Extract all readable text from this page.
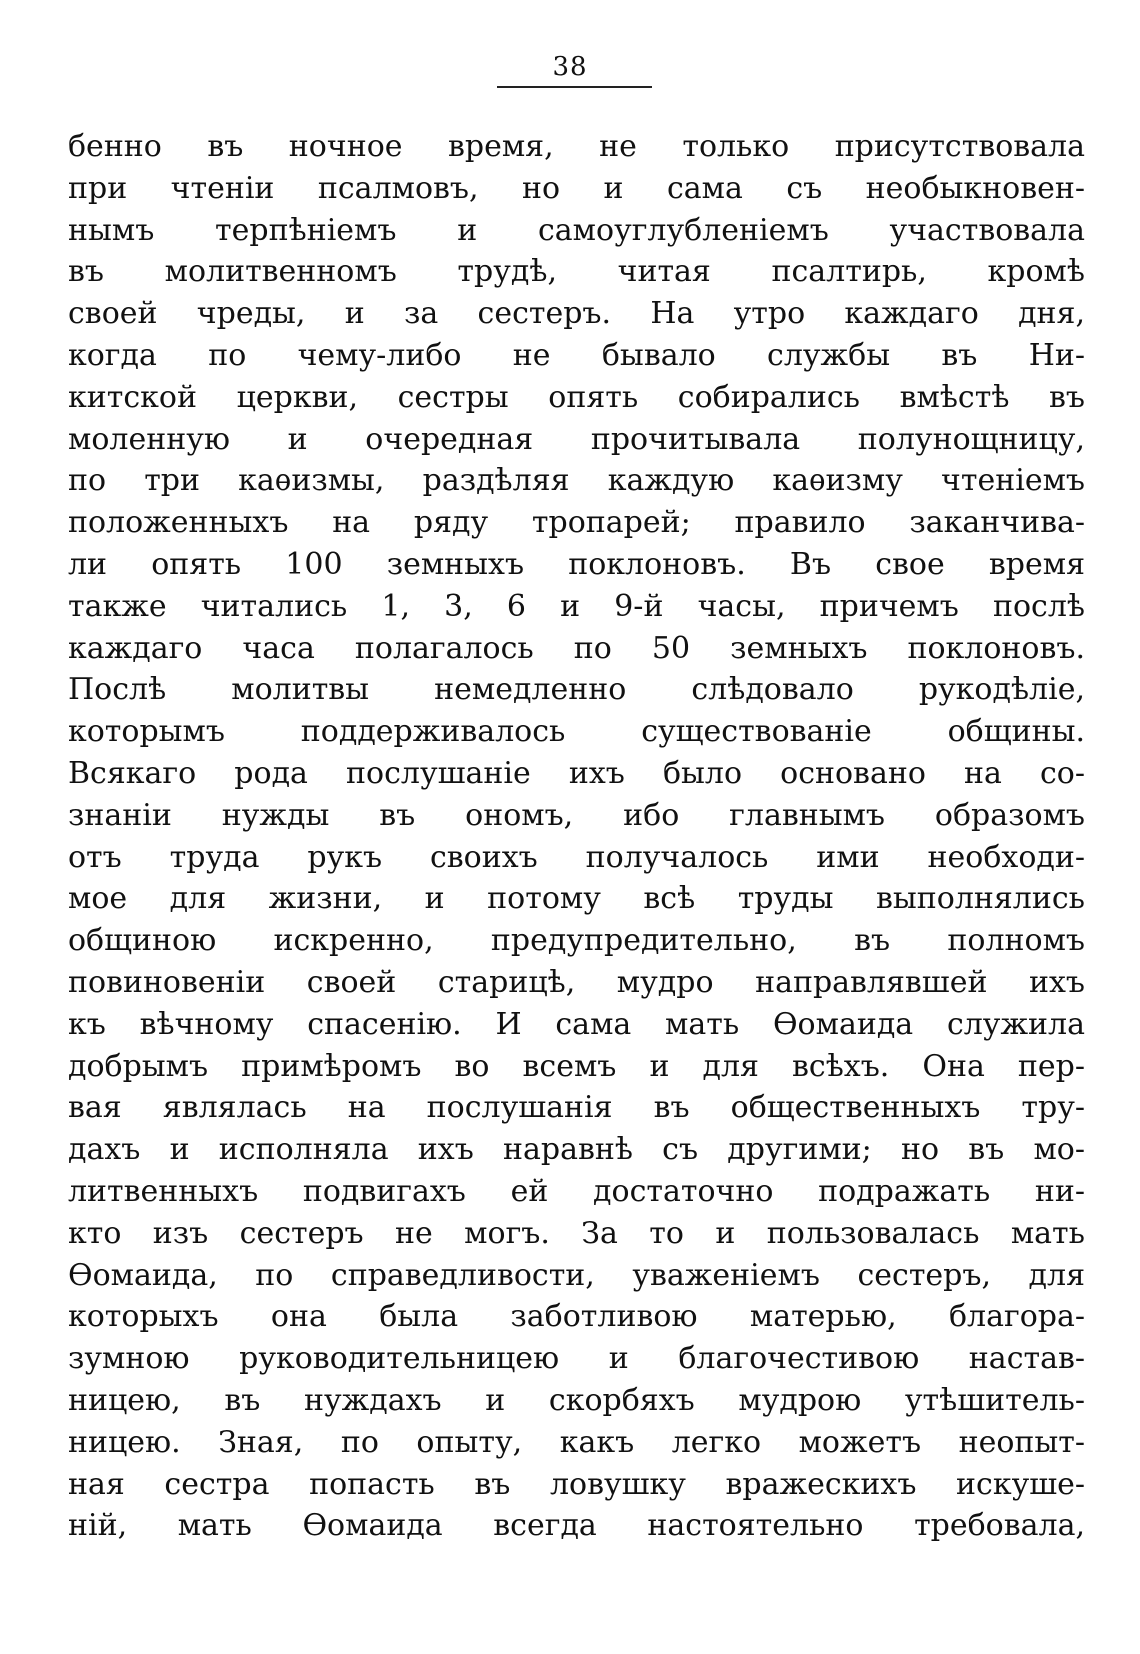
38
бенно въ ночное время, не только присутствовала
при чтенiи псалмовъ, но и сама съ необыкновен-
нымъ терпѣнiемъ и самоуглубленiемъ участвовала
въ молитвенномъ трудѣ, читая псалтирь, кромѣ
своей чреды, и за сестеръ. На утро каждаго дня,
когда по чему-либо не бывало службы въ Ни-
китской церкви, сестры опять собирались вмѣстѣ въ
моленную и очередная прочитывала полунощницу,
по три каѳизмы, раздѣляя каждую каѳизму чтенiемъ
положенныхъ на ряду тропарей; правило заканчива-
ли опять 100 земныхъ поклоновъ. Въ свое время
также читались 1, 3, 6 и 9-й часы, причемъ послѣ
каждаго часа полагалось по 50 земныхъ поклоновъ.
Послѣ молитвы немедленно слѣдовало рукодѣлiе,
которымъ поддерживалось существованiе общины.
Всякаго рода послушанiе ихъ было основано на со-
знанiи нужды въ ономъ, ибо главнымъ образомъ
отъ труда рукъ своихъ получалось ими необходи-
мое для жизни, и потому всѣ труды выполнялись
общиною искренно, предупредительно, въ полномъ
повиновенiи своей старицѣ, мудро направлявшей ихъ
къ вѣчному спасенiю. И сама мать Ѳомаида служила
добрымъ примѣромъ во всемъ и для всѣхъ. Она пер-
вая являлась на послушанiя въ общественныхъ тру-
дахъ и исполняла ихъ наравнѣ съ другими; но въ мо-
литвенныхъ подвигахъ ей достаточно подражать ни-
кто изъ сестеръ не могъ. За то и пользовалась мать
Ѳомаида, по справедливости, уваженiемъ сестеръ, для
которыхъ она была заботливою матерью, благора-
зумною руководительницею и благочестивою настав-
ницею, въ нуждахъ и скорбяхъ мудрою утѣшитель-
ницею. Зная, по опыту, какъ легко можетъ неопыт-
ная сестра попасть въ ловушку вражескихъ искуше-
нiй, мать Ѳомаида всегда настоятельно требовала,
